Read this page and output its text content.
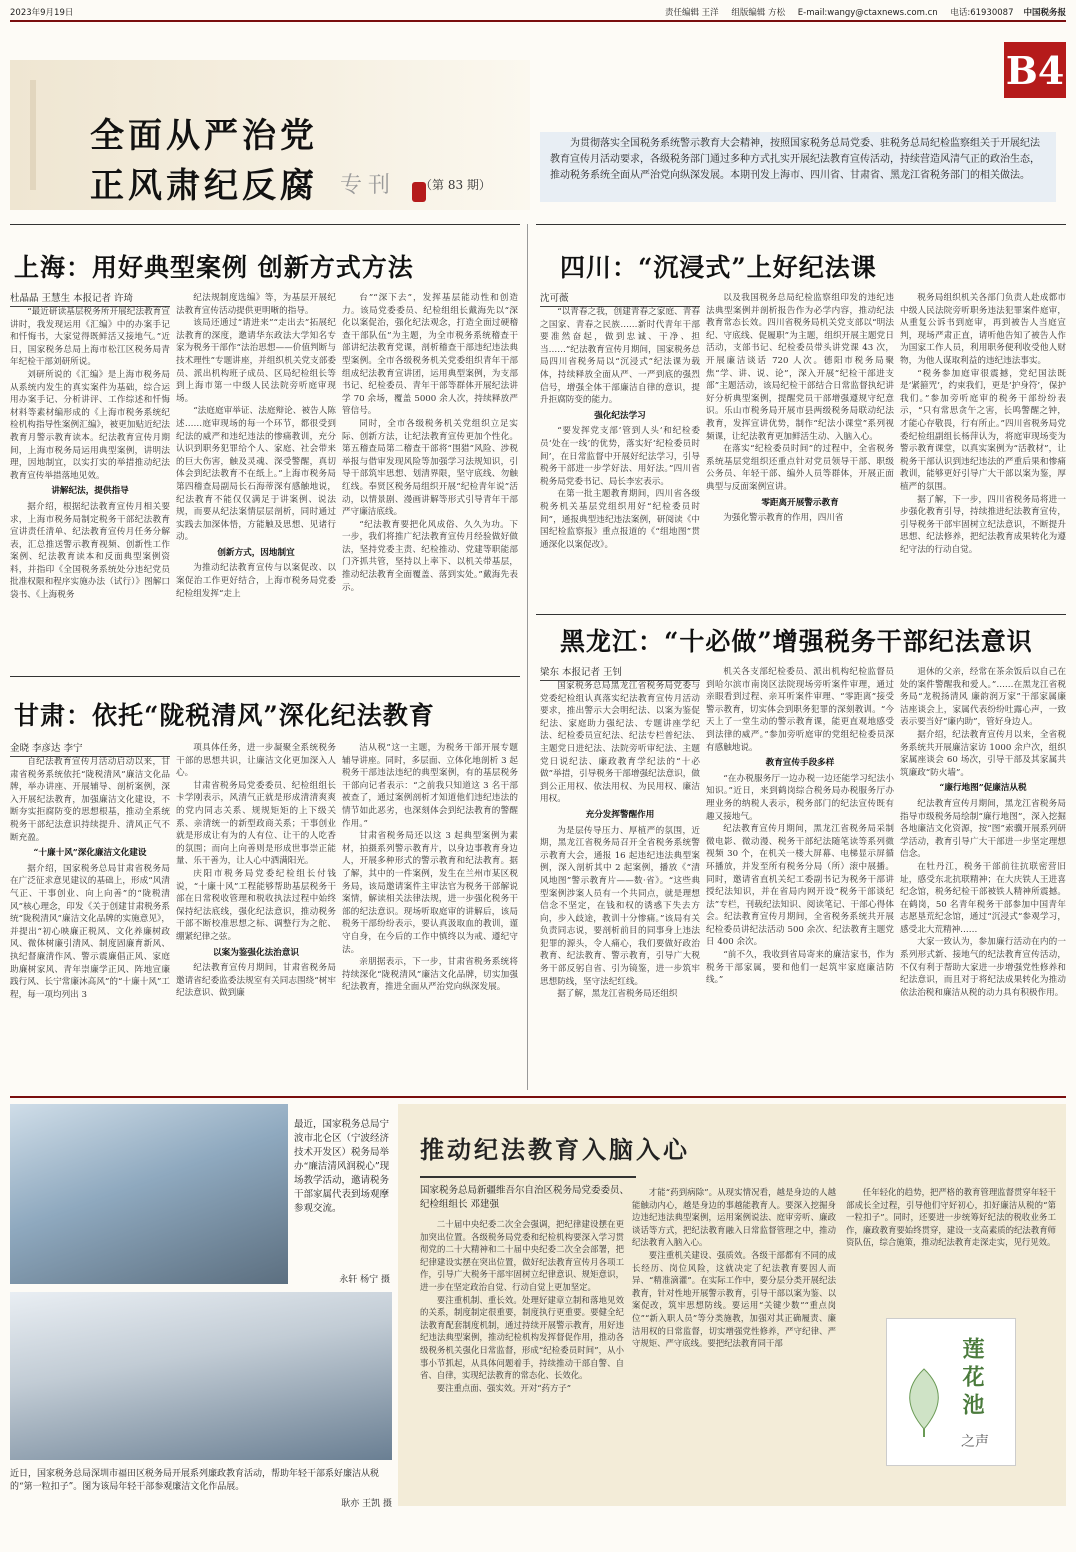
2023年9月19日	责任编辑 王洋 组版编辑 方松 E-mail:wangy@ctaxnews.com.cn 电话:61930087 中国税务报
B4
全面从严治党
正风肃纪反腐 专刊 （第 83 期）
为贯彻落实全国税务系统警示教育大会精神，按照国家税务总局党委、驻税务总局纪检监察组关于开展纪法教育宣传月活动要求，各级税务部门通过多种方式扎实开展纪法教育宣传活动，持续营造风清气正的政治生态，推动税务系统全面从严治党向纵深发展。本期刊发上海市、四川省、甘肃省、黑龙江省税务部门的相关做法。
上海：用好典型案例 创新方式方法
杜晶晶 王慧生 本报记者 许琦

“最近研读基层税务所开展纪法教育宣讲时，我发现运用《汇编》中的办案手记和忏悔书，大家觉得既鲜活又接地气。”近日，国家税务总局上海市松江区税务局青年纪检干部刘研所说。

刘研所说的《汇编》是上海市税务局从系统内发生的真实案件为基础，综合运用办案手记、分析讲评、工作综述和忏悔材料等素材编形成的《上海市税务系统纪检机构指导性案例汇编》，被更加贴近纪法教育月警示教育读本。纪法教育宣传月期间，上海市税务局运用典型案例，讲明法理，因地制宜，以实打实的举措推动纪法教育宣传举措落地见效。

讲解纪法，提供指导

据介绍，根据纪法教育宣传月相关要求，上海市税务局制定税务干部纪法教育宣讲责任清单、纪法教育宣传月任务分解表，汇总推送警示教育视频、创新性工作案例、纪法教育读本和反面典型案例资料，并指印《全国税务系统处分违纪党员批准权限和程序实施办法（试行）》图解口袋书、《上海税务

纪法规制度选编》等，为基层开展纪法教育宣传活动提供更明晰的指导。

该局还通过“请进来”“走出去”拓展纪法教育的深度，邀请华东政法大学知名专家为税务干部作“法治思想——价值判断与技术理性”专题讲座，并组织机关党支部委员、派出机构班子成员、区局纪检组长等到上海市第一中级人民法院旁听庭审现场。

“法庭庭审举证、法庭辩论、被告人陈述……庭审现场的每一个环节，都很受到纪法的威严和违纪违法的惨痛教训，充分认识到职务犯罪给个人、家庭、社会带来的巨大伤害，触及灵魂、深受警醒，真切体会到纪法教育不在纸上。”上海市税务局第四稽查局副局长石海蒂深有感触地说，纪法教育不能仅仅满足于讲案例、说法规，而要从纪法案情层层剖析，同时通过实践去加深体悟，方能触及思想、见诸行动。

创新方式，因地制宜

为推动纪法教育宣传与以案促改、以案促治工作更好结合，上海市税务局党委纪检组发挥“走上

台”“深下去”，发挥基层能动性和创造力。该局党委委员、纪检组组长戴海先以“深化以案促治，强化纪法观念，打造全面过硬稽查干部队伍”为主题，为全市税务系统稽查干部讲纪法教育党课，剖析稽查干部违纪违法典型案例。全市各级税务机关党委组织青年干部组成纪法教育宣讲团，运用典型案例，为支部书记、纪检委员、青年干部等群体开展纪法讲学 70 余场，覆盖 5000 余人次，持续释放严管信号。

同时，全市各级税务机关党组织立足实际、创新方法，让纪法教育宣传更加个性化。第五稽查局第二稽查干部将“围猎”风险、涉税举报与借审发现风险等加强学习法规知识，引导干部筑牢思想、划清界限，坚守底线、勿触红线。奉贤区税务局组织开展“纪检青年说”活动，以情景剧、漫画讲解等形式引导青年干部严守廉洁底线。

“纪法教育要把化风成俗、久久为功。下一步，我们将推广纪法教育宣传月经验做好做法，坚持党委主责、纪检推动、党建等职能部门齐抓共管，坚持以上率下、以机关带基层，推动纪法教育全面覆盖、落到实处。”戴海先表示。

甘肃：依托“陇税清风”深化纪法教育
金晓 李彦达 李宁

自纪法教育宣传月活动启动以来，甘肃省税务系统依托“陇税清风”廉洁文化品牌，举办讲座、开展辅导、剖析案例，深入开展纪法教育，加强廉洁文化建设，不断夯实拒腐防变的思想根基，推动全系统税务干部纪法意识持续提升、清风正气不断充盈。

“十廉十风”深化廉洁文化建设

据介绍，国家税务总局甘肃省税务局在广泛征求意见建议的基础上，形成“风清气正、干事创业、向上向善”的“陇税清风”核心理念，印发《关于创建甘肃税务系统“陇税清风”廉洁文化品牌的实施意见》，并提出“初心映廉正税风、文化养廉树政风、微体树廉引清风、制度固廉育新风、执纪督廉清作风、警示震廉倡正风、家庭助廉树家风、青年崇廉学正风、阵地宣廉践行风、长宁常廉沐高风”的“十廉十风”工程，每一项均列出 3

项具体任务，进一步凝聚全系统税务干部的思想共识，让廉洁文化更加深入人心。

甘肃省税务局党委委员、纪检组组长卡学刚表示，风清气正就是形成清清爽爽的党内同志关系、规规矩矩的上下级关系、亲清统一的新型政商关系；干事创业就是形成让有为的人有位、让干的人吃香的氛围；而向上向善则是形成世事崇正能量、乐干善为，让人心中洒满阳光。

庆阳市税务局党委纪检组长付钱说，“十廉十风”工程能够帮助基层税务干部在日常税收管理和税收执法过程中始终保持纪法底线，强化纪法意识，推动税务干部不断校准思想之标、调整行为之舵、绷紧纪律之弦。

以案为鉴强化法治意识

纪法教育宣传月期间，甘肃省税务局邀请省纪委监委法规室有关同志围绕“树牢纪法意识、做到廉

洁从税”这一主题，为税务干部开展专题辅导讲座。同时，多层面、立体化地剖析 3 起税务干部违法违纪的典型案例，有的基层税务干部向记者表示：“之前我只知道这 3 名干部被查了，通过案例剖析才知道他们违纪违法的情节如此恶劣，也深刻体会到纪法教育的警醒作用。”

甘肃省税务局还以这 3 起典型案例为素材，拍摄系列警示教育片，以身边事教育身边人，开展多种形式的警示教育和纪法教育。据了解，其中的一件案例，发生在兰州市某区税务局，该局邀请案件主审法官为税务干部解说案情，解读相关法律法规，进一步强化税务干部的纪法意识。现场听取庭审的讲解后，该局税务干部纷纷表示，要认真汲取血的教训，谨守自身，在今后的工作中慎终以为戒、遵纪守法。

亲朋据表示，下一步，甘肃省税务系统将持续深化“陇税清风”廉洁文化品牌，切实加强纪法教育，推进全面从严治党向纵深发展。

四川：“沉浸式”上好纪法课
沈可薇

“以青春之我，创建青春之家庭、青春之国家、青春之民族……新时代青年干部要准然奋起，做到忠诚、干净、担当……”纪法教育宣传月期间，国家税务总局四川省税务局以“沉浸式”纪法课为载体，持续释放全面从严、一严到底的强烈信号，增强全体干部廉洁自律的意识，提升拒腐防变的能力。

强化纪法学习

“要发挥党支部‘管到人头’和纪检委员‘处在一线’的优势，落实好‘纪检委员时间’，在日常监督中开展好纪法学习，引导税务干部进一步学好法、用好法。”四川省税务局党委书记、局长李宏表示。

在第一批主题教育期间，四川省各级税务机关基层党组织用好“纪检委员时间”，通报典型违纪违法案例，研阅读《中国纪检监察报》重点报道的《“组地图”贯通深化以案促改》。

以及我国税务总局纪检监察组印发的违纪违法典型案例并剖析报告作为必学内容，推动纪法教育常态长效。四川省税务局机关党支部以“明法纪、守底线、促履职”为主题，组织开展主题党日活动，支部书记、纪检委员带头讲党课 43 次，开展廉洁谈话 720 人次。德阳市税务局聚焦“学、讲、说、论”，深入开展“纪检干部进支部”主题活动，该局纪检干部结合日常监督执纪讲好分析典型案例，提醒党员干部增强遵规守纪意识。乐山市税务局开展市县两级税务局联动纪法教育，发挥宣讲优势，制作“纪法小课堂”系列视频课，让纪法教育更加鲜活生动、入脑入心。

在落实“纪检委员时间”的过程中，全省税务系统基层党组织还重点针对党员领导干部、职级公务员、年轻干部、编外人员等群体，开展正面典型与反面案例宣讲。

零距离开展警示教育

为强化警示教育的作用，四川省

税务局组织机关各部门负责人赴成都市中级人民法院旁听职务违法犯罪案件庭审，从重复公诉书到庭审，再到被告人当庭宣判，现场严肃正直，请听他告知了被告人作为国家工作人员，利用职务便利收受他人财物，为他人谋取利益的违纪违法事实。

“税务参加庭审很震撼，党纪国法既是‘紧箍咒’，约束我们，更是‘护身符’，保护我们。”参加旁听庭审的税务干部纷纷表示，“只有常思贪午之害，长鸣警醒之钟，才能心存敬畏，行有所止。”四川省税务局党委纪检组副组长杨萍认为，将庭审现场变为警示教育课堂，以真实案例为“活教材”，让税务干部认识到违纪违法的严重后果和惨痛教训，能够更好引导广大干部以案为鉴，厚植严的氛围。

据了解，下一步，四川省税务局将进一步强化教育引导，持续推进纪法教育宣传，引导税务干部牢固树立纪法意识，不断提升思想、纪法修养，把纪法教育成果转化为遵纪守法的行动自觉。

黑龙江：“十必做”增强税务干部纪法意识
梁东 本报记者 王钊

国家税务总局黑龙江省税务局党委与党委纪检组认真落实纪法教育宣传月活动要求，推出警示大会明纪法、以案为鉴促纪法、家庭助力强纪法、专题讲座学纪法、纪检委员宣纪法、纪法专栏普纪法、主题党日进纪法、法院旁听审纪法、主题党日说纪法、廉政教育学纪法的“十必做”举措，引导税务干部增强纪法意识，做到公正用权、依法用权、为民用权、廉洁用权。

充分发挥警醒作用

为是层传导压力、厚植严的氛围，近期，黑龙江省税务局召开全省税务系统警示教育大会，通报 16 起违纪违法典型案例，深入剖析其中 2 起案例，播放《“清风地图”警示教育片——数·省》。“这些典型案例涉案人员有一个共同点，就是理想信念不坚定，在钱和权的诱惑下失去方向，步入歧途，教训十分惨痛。”该局有关负责同志说，要剖析前目的同事身上违法犯罪的源头，令人痛心，我们要做好政治教育、纪法教育、警示教育，引导广大税务干部反躬自省、引为镜鉴，进一步筑牢思想防线，坚守法纪红线。

据了解，黑龙江省税务局还组织

机关各支部纪检委员、派出机构纪检监督员到哈尔滨市南岗区法院现场旁听案件审理，通过亲眼看到过程、亲耳听案件审理、“零距离”接受警示教育，切实体会到职务犯罪的深刻教训。“今天上了一堂生动的警示教育课，能更直观地感受到法律的威严。”参加旁听庭审的党组纪检委员深有感触地说。

教育宣传手段多样

“在办税服务厅一边办税一边还能学习纪法小知识。”近日，来到鹤岗综合税务局办税服务厅办理业务的纳税人表示，税务部门的纪法宣传既有趣又接地气。

纪法教育宣传月期间，黑龙江省税务局采制微电影、微动漫、税务干部纪法随笔读等系列微视频 30 个，在机关一楼大屏幕、电梯显示屏循环播放，并发至所有税务分局（所）滚中展播。同时，邀请省直机关纪工委副书记为税务干部讲授纪法知识，并在省局内网开设“税务干部谈纪法”专栏，刊载纪法知识、阅读笔记、干部心得体会。纪法教育宣传月期间，全省税务系统共开展纪检委员讲纪法活动 500 余次、纪法教育主题党日 400 余次。

“前不久，我收到省局寄来的廉洁家书，作为税务干部家属，要和他们一起筑牢家庭廉洁防线。”

退休的父亲，经常在茶余饭后以自己在处的案件警醒我和爱人。”……在黑龙江省税务局“龙税扬清风 廉韵润万家”干部家属廉洁座谈会上，家属代表纷纷吐露心声，一致表示要当好“廉内助”，管好身边人。

据介绍，纪法教育宣传月以来，全省税务系统共开展廉洁家访 1000 余户次，组织家属座谈会 60 场次，引导干部及其家属共筑廉政“防火墙”。

“廉行地图”促廉洁从税

纪法教育宣传月期间，黑龙江省税务局指导市级税务局绘制“廉行地图”，深入挖掘各地廉洁文化资源，按“图”索骥开展系列研学活动，教育引导广大干部进一步坚定理想信念。

在牡丹江，税务干部前往抗联密营旧址，感受东北抗联精神；在大庆铁人王进喜纪念馆，税务纪检干部被铁人精神所震撼。在鹤岗，50 名青年税务干部参加中国青年志愿垦荒纪念馆，通过“沉浸式”参观学习，感受北大荒精神……

大家一致认为，参加廉行活动在内的一系列形式新、接地气的纪法教育宣传活动，不仅有利于帮助大家进一步增强党性修养和纪法意识，而且对于将纪法成果转化为推动依法治税和廉洁从税的动力具有积极作用。

最近，国家税务总局宁波市北仑区（宁波经济技术开发区）税务局举办“廉洁清风润税心”现场教学活动，邀请税务干部家属代表到场观摩参观交流。
永轩 杨宁 摄
近日，国家税务总局深圳市福田区税务局开展系列廉政教育活动，帮助年轻干部系好廉洁从税的“第一粒扣子”。图为该局年轻干部参观廉洁文化作品展。
耿亦 王凯 摄
推动纪法教育入脑入心
国家税务总局新疆维吾尔自治区税务局党委委员、纪检组组长 邓建强

二十届中央纪委二次全会强调，把纪律建设摆在更加突出位置。各级税务局党委和纪检机构要深入学习贯彻党的二十大精神和二十届中央纪委二次全会部署，把纪律建设实摆在突出位置，做好纪法教育宣传月各项工作，引导广大税务干部牢固树立纪律意识、规矩意识，进一步在坚定政治自觉、行动自觉上更加坚定。

要注重机制、重长效。处理好建章立制和落地见效的关系，制度制定很重要，制度执行更重要。要健全纪法教育配套制度机制，通过持续开展警示教育，用好违纪违法典型案例，推动纪检机构发挥督促作用，推动各级税务机关强化日常监督，形成“纪检委员时间”，从小事小节抓起，从具体问题着手，持续推动干部自警、自省、自律，实现纪法教育的常态化、长效化。

要注重点面、强实效。开对“药方子”

才能“药到病除”。从现实情况看，越是身边的人越能触动内心，越是身边的事越能教育人。要深入挖掘身边违纪违法典型案例，运用案例说法、庭审旁听、廉政谈话等方式，把纪法教育融入日常监督管理之中，推动纪法教育入脑入心。

要注重机关建设、强质效。各级干部都有不同的成长经历、岗位风险，这就决定了纪法教育要因人而异、“精准滴灌”。在实际工作中，要分层分类开展纪法教育，针对性地开展警示教育，引导干部以案为鉴、以案促改，筑牢思想防线。要运用“关键少数”“重点岗位”“新入职人员”等分类施教，加强对其正确履责、廉洁用权的日常监督，切实增强党性修养，严守纪律、严守规矩、严守底线。要把纪法教育同干部

任年轻化的趋势，把严格的教育管理监督贯穿年轻干部成长全过程，引导他们守好初心，扣好廉洁从税的“第一粒扣子”。同时，还要进一步统筹好纪法的税收业务工作，廉政教育要始终贯穿，建设一支高素质的纪法教育师资队伍，综合施策，推动纪法教育走深走实，见行见效。

莲花池
之声
